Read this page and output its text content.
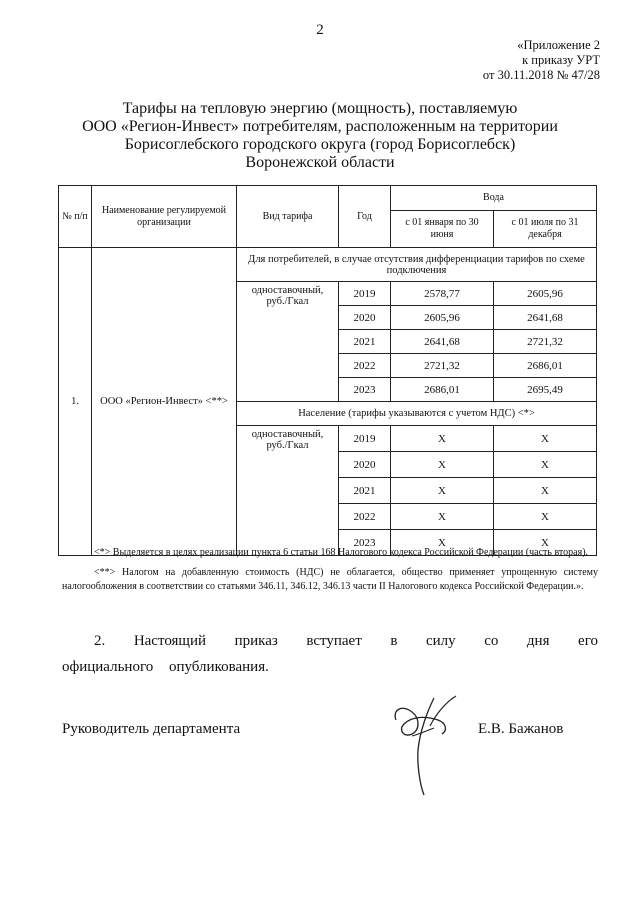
2
«Приложение 2
к приказу УРТ
от 30.11.2018 № 47/28
Тарифы на тепловую энергию (мощность), поставляемую
ООО «Регион-Инвест» потребителям, расположенным на территории
Борисоглебского городского округа (город Борисоглебск)
Воронежской области
№ п/п	Наименование регулируемой организации	Вид тарифа	Год	Вода	
				с 01 января по 30 июня	с 01 июля по 31 декабря
1.	ООО «Регион-Инвест» <**>	Для потребителей, в случае отсутствия дифференциации тарифов по схеме подключения			
		одноставочный, руб./Гкал	2019	2578,77	2605,96
			2020	2605,96	2641,68
			2021	2641,68	2721,32
			2022	2721,32	2686,01
			2023	2686,01	2695,49
		Население (тарифы указываются с учетом НДС) <*>			
		одноставочный, руб./Гкал	2019	X	X
			2020	X	X
			2021	X	X
			2022	X	X
			2023	X	X

<*> Выделяется в целях реализации пункта 6 статьи 168 Налогового кодекса Российской Федерации (часть вторая).

<**> Налогом на добавленную стоимость (НДС) не облагается, общество применяет упрощенную систему налогообложения в соответствии со статьями 346.11, 346.12, 346.13 части II Налогового кодекса Российской Федерации.».

2. Настоящий приказ вступает в силу со дня его официального опубликования.
Руководитель департамента	Е.В. Бажанов
